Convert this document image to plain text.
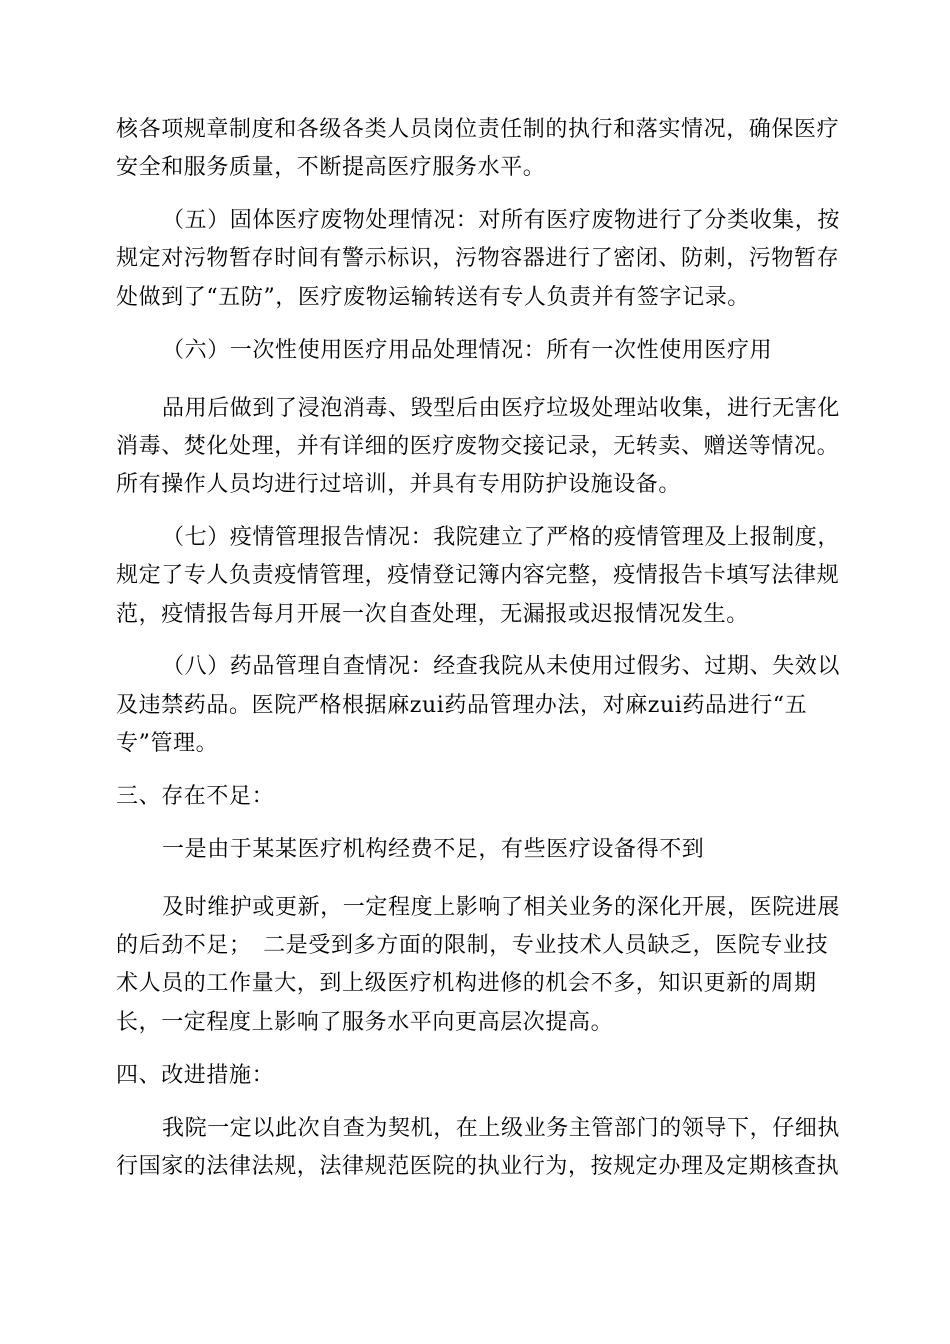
核各项规章制度和各级各类人员岗位责任制的执行和落实情况，确保医疗
安全和服务质量，不断提高医疗服务水平。
（五）固体医疗废物处理情况：对所有医疗废物进行了分类收集，按
规定对污物暂存时间有警示标识，污物容器进行了密闭、防刺，污物暂存
处做到了“五防”，医疗废物运输转送有专人负责并有签字记录。
（六）一次性使用医疗用品处理情况：所有一次性使用医疗用
品用后做到了浸泡消毒、毁型后由医疗垃圾处理站收集，进行无害化
消毒、焚化处理，并有详细的医疗废物交接记录，无转卖、赠送等情况。
所有操作人员均进行过培训，并具有专用防护设施设备。
（七）疫情管理报告情况：我院建立了严格的疫情管理及上报制度，
规定了专人负责疫情管理，疫情登记簿内容完整，疫情报告卡填写法律规
范，疫情报告每月开展一次自查处理，无漏报或迟报情况发生。
（八）药品管理自查情况：经查我院从未使用过假劣、过期、失效以
及违禁药品。医院严格根据麻zui药品管理办法，对麻zui药品进行“五
专”管理。
三、存在不足：
一是由于某某医疗机构经费不足，有些医疗设备得不到
及时维护或更新，一定程度上影响了相关业务的深化开展，医院进展
的后劲不足；　二是受到多方面的限制，专业技术人员缺乏，医院专业技
术人员的工作量大，到上级医疗机构进修的机会不多，知识更新的周期
长，一定程度上影响了服务水平向更高层次提高。
四、改进措施：
我院一定以此次自查为契机，在上级业务主管部门的领导下，仔细执
行国家的法律法规，法律规范医院的执业行为，按规定办理及定期核查执
